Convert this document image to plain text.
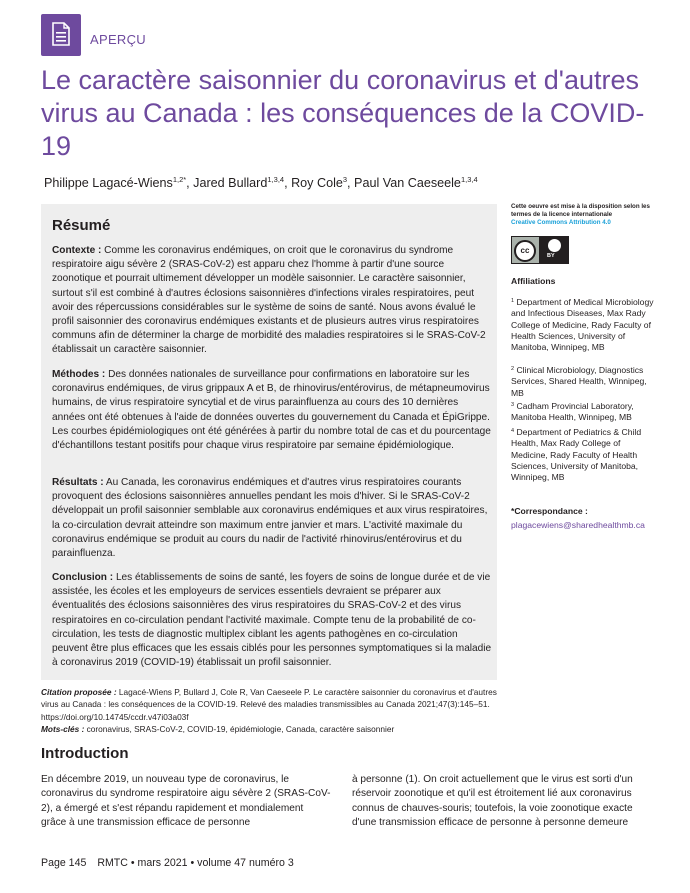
APERÇU
Le caractère saisonnier du coronavirus et d'autres virus au Canada : les conséquences de la COVID-19
Philippe Lagacé-Wiens$^{1,2*}$, Jared Bullard$^{1,3,4}$, Roy Cole$^3$, Paul Van Caeseele$^{1,3,4}$
Résumé

Contexte : Comme les coronavirus endémiques, on croit que le coronavirus du syndrome respiratoire aigu sévère 2 (SRAS-CoV-2) est apparu chez l'homme à partir d'une source zoonotique et pourrait ultimement développer un modèle saisonnier. Le caractère saisonnier, surtout s'il est combiné à d'autres éclosions saisonnières d'infections virales respiratoires, peut avoir des répercussions considérables sur le système de soins de santé. Nous avons évalué le profil saisonnier des coronavirus endémiques existants et de plusieurs autres virus respiratoires communs afin de déterminer la charge de morbidité des maladies respiratoires si le SRAS-CoV-2 établissait un caractère saisonnier.

Méthodes : Des données nationales de surveillance pour confirmations en laboratoire sur les coronavirus endémiques, de virus grippaux A et B, de rhinovirus/entérovirus, de métapneumovirus humains, de virus respiratoire syncytial et de virus parainfluenza au cours des 10 dernières années ont été obtenues à l'aide de données ouvertes du gouvernement du Canada et ÉpiGrippe. Les courbes épidémiologiques ont été générées à partir du nombre total de cas et du pourcentage d'échantillons testant positifs pour chaque virus respiratoire par semaine épidémiologique.

Résultats : Au Canada, les coronavirus endémiques et d'autres virus respiratoires courants provoquent des éclosions saisonnières annuelles pendant les mois d'hiver. Si le SRAS-CoV-2 développait un profil saisonnier semblable aux coronavirus endémiques et aux virus respiratoires, la co-circulation devrait atteindre son maximum entre janvier et mars. L'activité maximale du coronavirus endémique se produit au cours du nadir de l'activité rhinovirus/entérovirus et du parainfluenza.

Conclusion : Les établissements de soins de santé, les foyers de soins de longue durée et de vie assistée, les écoles et les employeurs de services essentiels devraient se préparer aux éventualités des éclosions saisonnières des virus respiratoires du SRAS-CoV-2 et des virus respiratoires en co-circulation pendant l'activité maximale. Compte tenu de la probabilité de co-circulation, les tests de diagnostic multiplex ciblant les agents pathogènes en co-circulation peuvent être plus efficaces que les essais ciblés pour les personnes symptomatiques si la maladie à coronavirus 2019 (COVID-19) établissait un profil saisonnier.

Citation proposée : Lagacé-Wiens P, Bullard J, Cole R, Van Caeseele P. Le caractère saisonnier du coronavirus et d'autres virus au Canada : les conséquences de la COVID-19. Relevé des maladies transmissibles au Canada 2021;47(3):145–51. https://doi.org/10.14745/ccdr.v47i03a03f
Mots-clés : coronavirus, SRAS-CoV-2, COVID-19, épidémiologie, Canada, caractère saisonnier
Introduction

En décembre 2019, un nouveau type de coronavirus, le coronavirus du syndrome respiratoire aigu sévère 2 (SRAS-CoV-2), a émergé et s'est répandu rapidement et mondialement grâce à une transmission efficace de personne

à personne (1). On croit actuellement que le virus est sorti d'un réservoir zoonotique et qu'il est étroitement lié aux coronavirus connus de chauves-souris; toutefois, la voie zoonotique exacte d'une transmission efficace de personne à personne demeure

Page 145 RMTC • mars 2021 • volume 47 numéro 3
Cette oeuvre est mise à la disposition selon les termes de la licence internationale
Creative Commons Attribution 4.0
cc
BY
Affiliations
$^1$ Department of Medical Microbiology and Infectious Diseases, Max Rady College of Medicine, Rady Faculty of Health Sciences, University of Manitoba, Winnipeg, MB
$^2$ Clinical Microbiology, Diagnostics Services, Shared Health, Winnipeg, MB
$^3$ Cadham Provincial Laboratory, Manitoba Health, Winnipeg, MB
$^4$ Department of Pediatrics & Child Health, Max Rady College of Medicine, Rady Faculty of Health Sciences, University of Manitoba, Winnipeg, MB
*Correspondance :
plagacewiens@sharedhealthmb.ca
